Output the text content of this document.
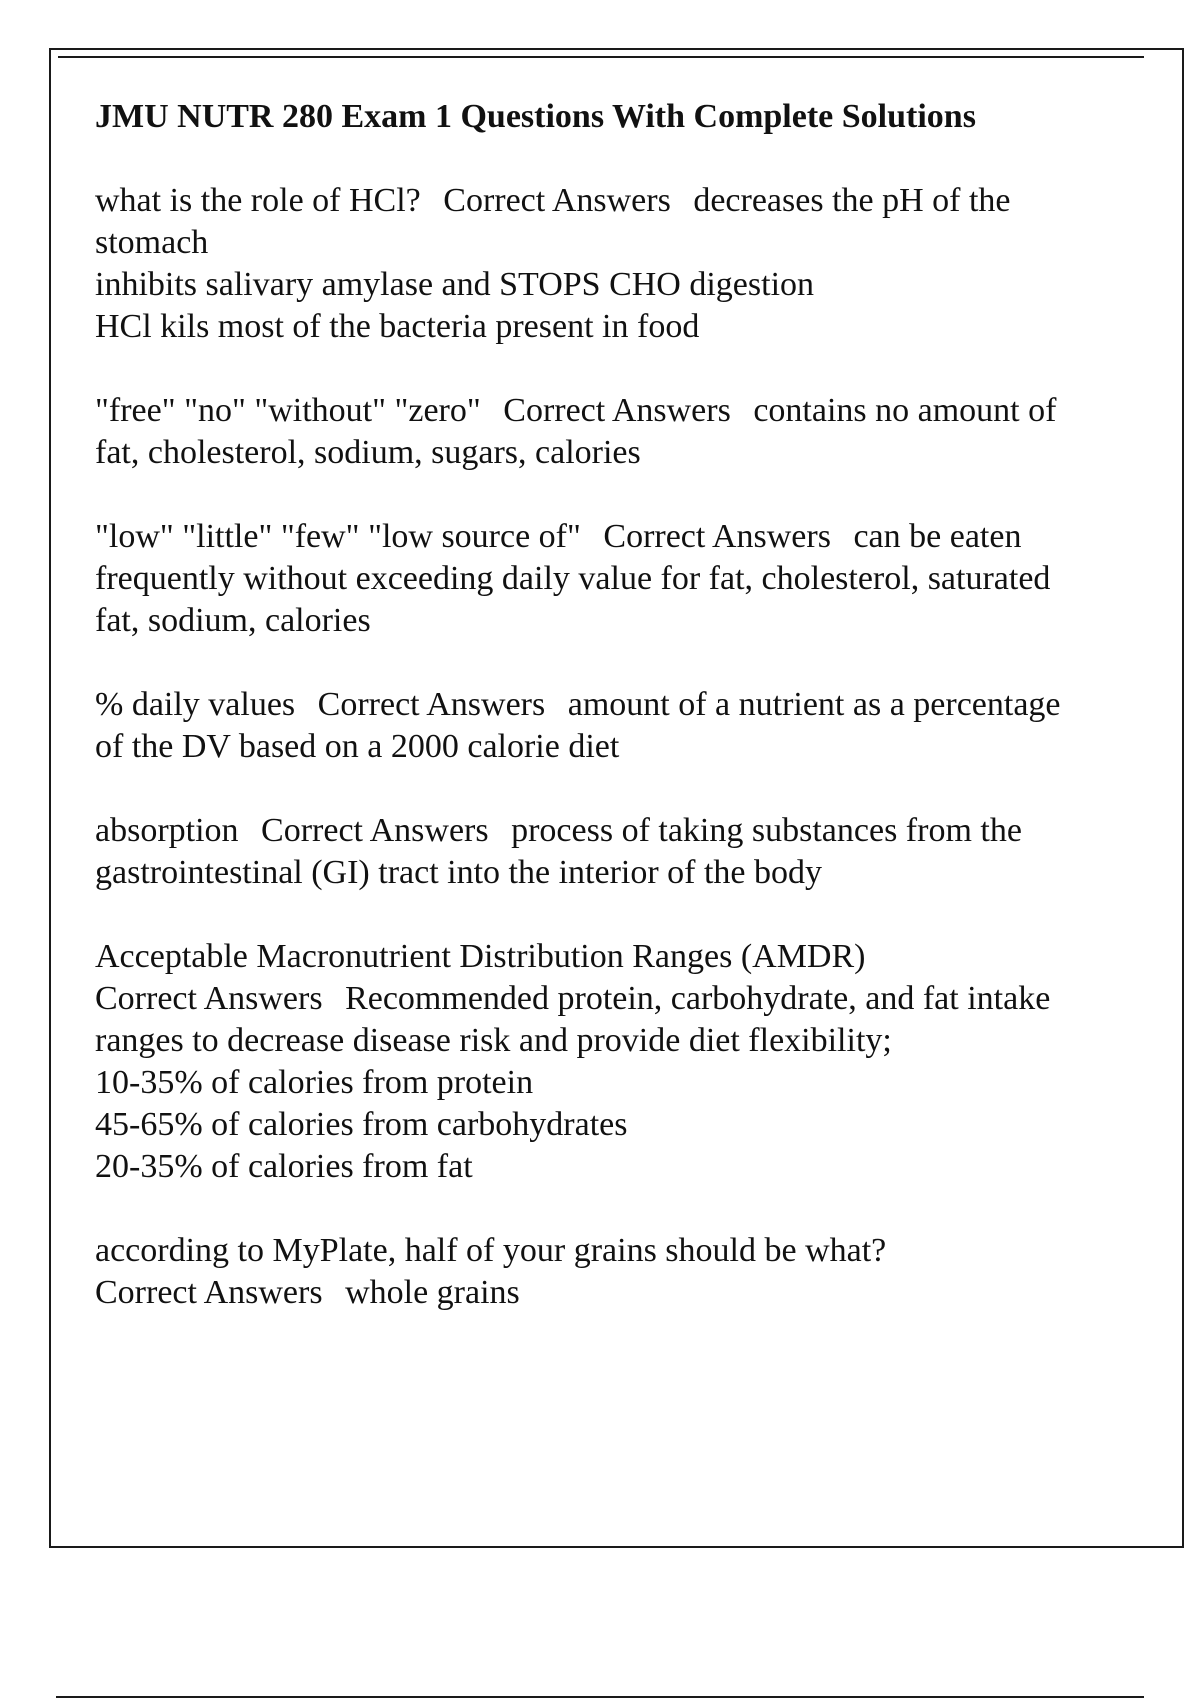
JMU NUTR 280 Exam 1 Questions With Complete Solutions
what is the role of HCl? Correct Answers decreases the pH of the stomach
inhibits salivary amylase and STOPS CHO digestion
HCl kils most of the bacteria present in food
"free" "no" "without" "zero" Correct Answers contains no amount of fat, cholesterol, sodium, sugars, calories
"low" "little" "few" "low source of" Correct Answers can be eaten frequently without exceeding daily value for fat, cholesterol, saturated fat, sodium, calories
% daily values Correct Answers amount of a nutrient as a percentage of the DV based on a 2000 calorie diet
absorption Correct Answers process of taking substances from the gastrointestinal (GI) tract into the interior of the body
Acceptable Macronutrient Distribution Ranges (AMDR)
Correct Answers Recommended protein, carbohydrate, and fat intake ranges to decrease disease risk and provide diet flexibility;
10-35% of calories from protein
45-65% of calories from carbohydrates
20-35% of calories from fat
according to MyPlate, half of your grains should be what?
Correct Answers whole grains
